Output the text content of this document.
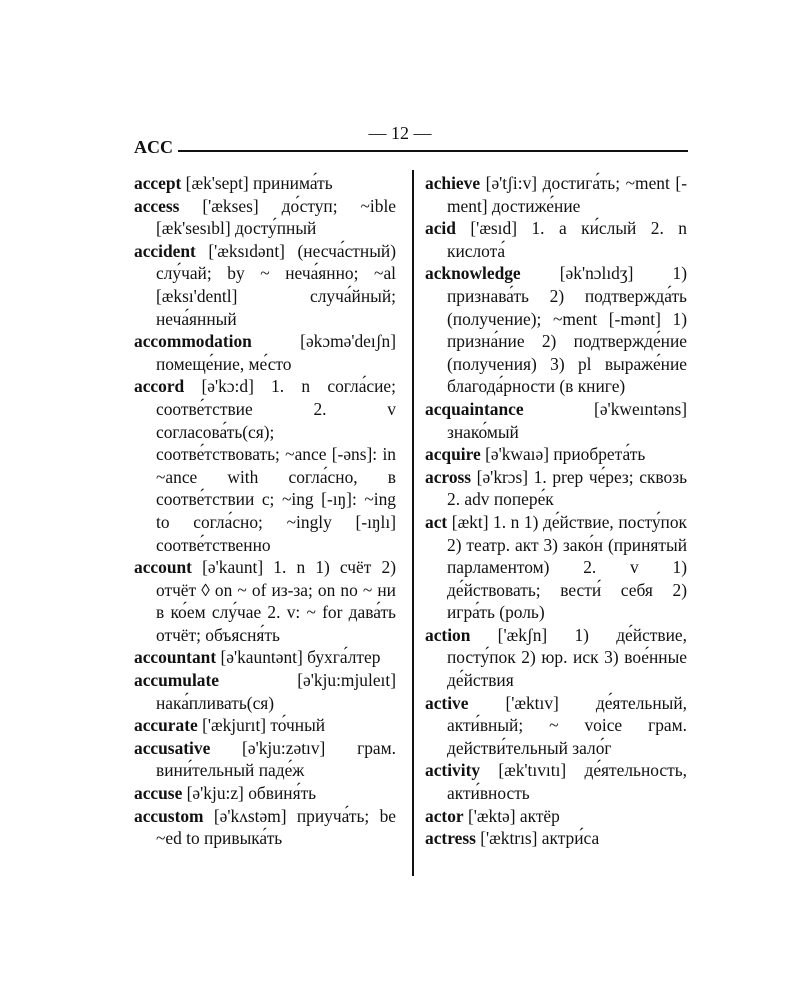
— 12 —
ACC

accept [æk'sept] принима́ть

access ['ækses] до́ступ; ~ible [æk'sesıbl] досту́пный

accident ['æksıdənt] (несча́стный) слу́чай; by ~ неча́янно; ~al [æksı'dentl] случа́йный; неча́янный

accommodation [əkɔmə'deıʃn] помеще́ние, ме́сто

accord [ə'kɔ:d] 1. n согла́сие; соотве́тствие 2. v согласова́ть(ся); соотве́тствовать; ~ance [-əns]: in ~ance with согла́сно, в соотве́тствии с; ~ing [-ıŋ]: ~ing to согла́сно; ~ingly [-ıŋlı] соотве́тственно

account [ə'kaunt] 1. n 1) счёт 2) отчёт ◊ on ~ of из-за; on no ~ ни в ко́ем слу́чае 2. v: ~ for дава́ть отчёт; объясня́ть

accountant [ə'kauntənt] бухга́лтер

accumulate [ə'kju:mjuleıt] нака́пливать(ся)

accurate ['ækjurıt] то́чный

accusative [ə'kju:zətıv] грам. вини́тельный паде́ж

accuse [ə'kju:z] обвиня́ть

accustom [ə'kʌstəm] приуча́ть; be ~ed to привыка́ть

achieve [ə'tʃi:v] достига́ть; ~ment [-ment] достиже́ние

acid ['æsıd] 1. a ки́слый 2. n кислота́

acknowledge [ək'nɔlıdʒ] 1) признава́ть 2) подтвержда́ть (получение); ~ment [-mənt] 1) призна́ние 2) подтвержде́ние (получения) 3) pl выраже́ние благода́рности (в книге)

acquaintance [ə'kweıntəns] знако́мый

acquire [ə'kwaıə] приобрета́ть

across [ə'krɔs] 1. prep че́рез; сквозь 2. adv попере́к

act [ækt] 1. n 1) де́йствие, посту́пок 2) театр. акт 3) зако́н (принятый парламентом) 2. v 1) де́йствовать; вести́ себя 2) игра́ть (роль)

action ['ækʃn] 1) де́йствие, посту́пок 2) юр. иск 3) вое́нные де́йствия

active ['æktıv] де́ятельный, акти́вный; ~ voice грам. действи́тельный зало́г

activity [æk'tıvıtı] де́ятельность, акти́вность

actor ['æktə] актёр

actress ['æktrıs] актри́са
